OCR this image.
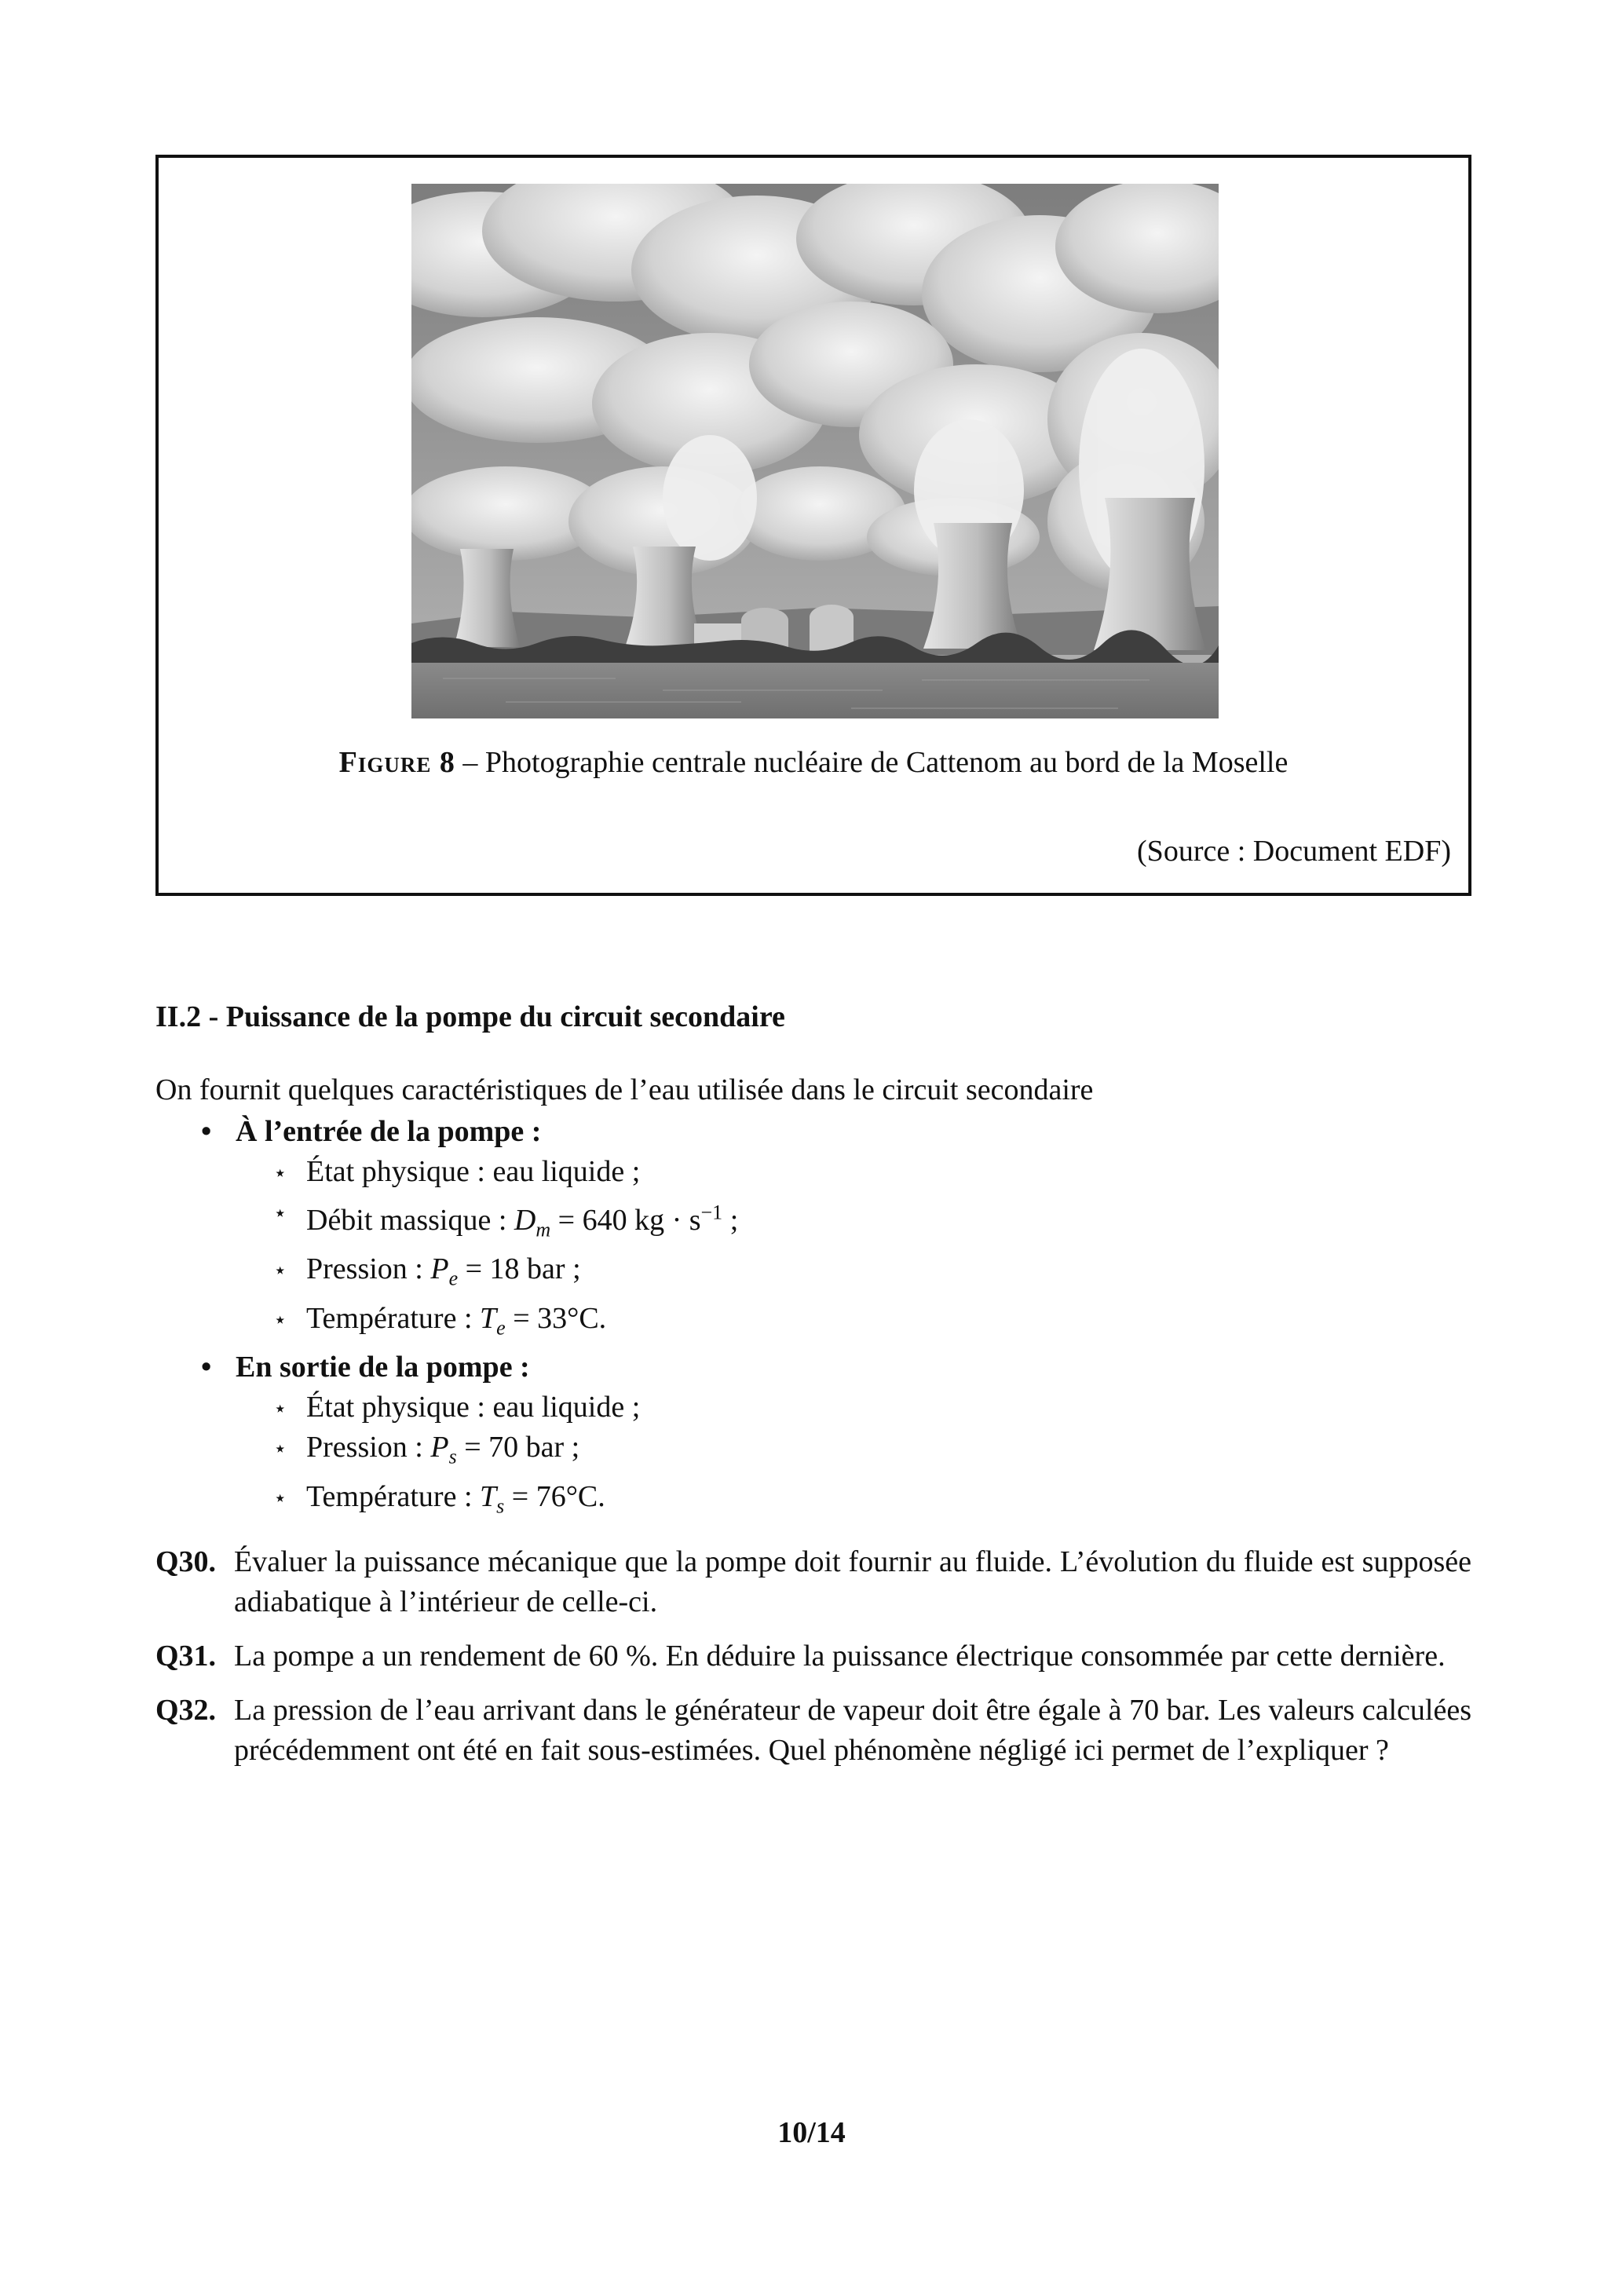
Figure 8 – Photographie centrale nucléaire de Cattenom au bord de la Moselle
(Source : Document EDF)
II.2 - Puissance de la pompe du circuit secondaire
On fournit quelques caractéristiques de l’eau utilisée dans le circuit secondaire
• À l’entrée de la pompe :
⋆ État physique : eau liquide ;
⋆ Débit massique : $D_m = 640$ kg · $s^{-1}$ ;
⋆ Pression : $P_e = 18$ bar ;
⋆ Température : $T_e = 33^\circ C$.
• En sortie de la pompe :
⋆ État physique : eau liquide ;
⋆ Pression : $P_s = 70$ bar ;
⋆ Température : $T_s = 76^\circ C$.
Q30. Évaluer la puissance mécanique que la pompe doit fournir au fluide. L’évolution du fluide est supposée adiabatique à l’intérieur de celle-ci.
Q31. La pompe a un rendement de 60 %. En déduire la puissance électrique consommée par cette dernière.
Q32. La pression de l’eau arrivant dans le générateur de vapeur doit être égale à 70 bar. Les valeurs calculées précédemment ont été en fait sous-estimées. Quel phénomène négligé ici permet de l’expliquer ?
10/14
